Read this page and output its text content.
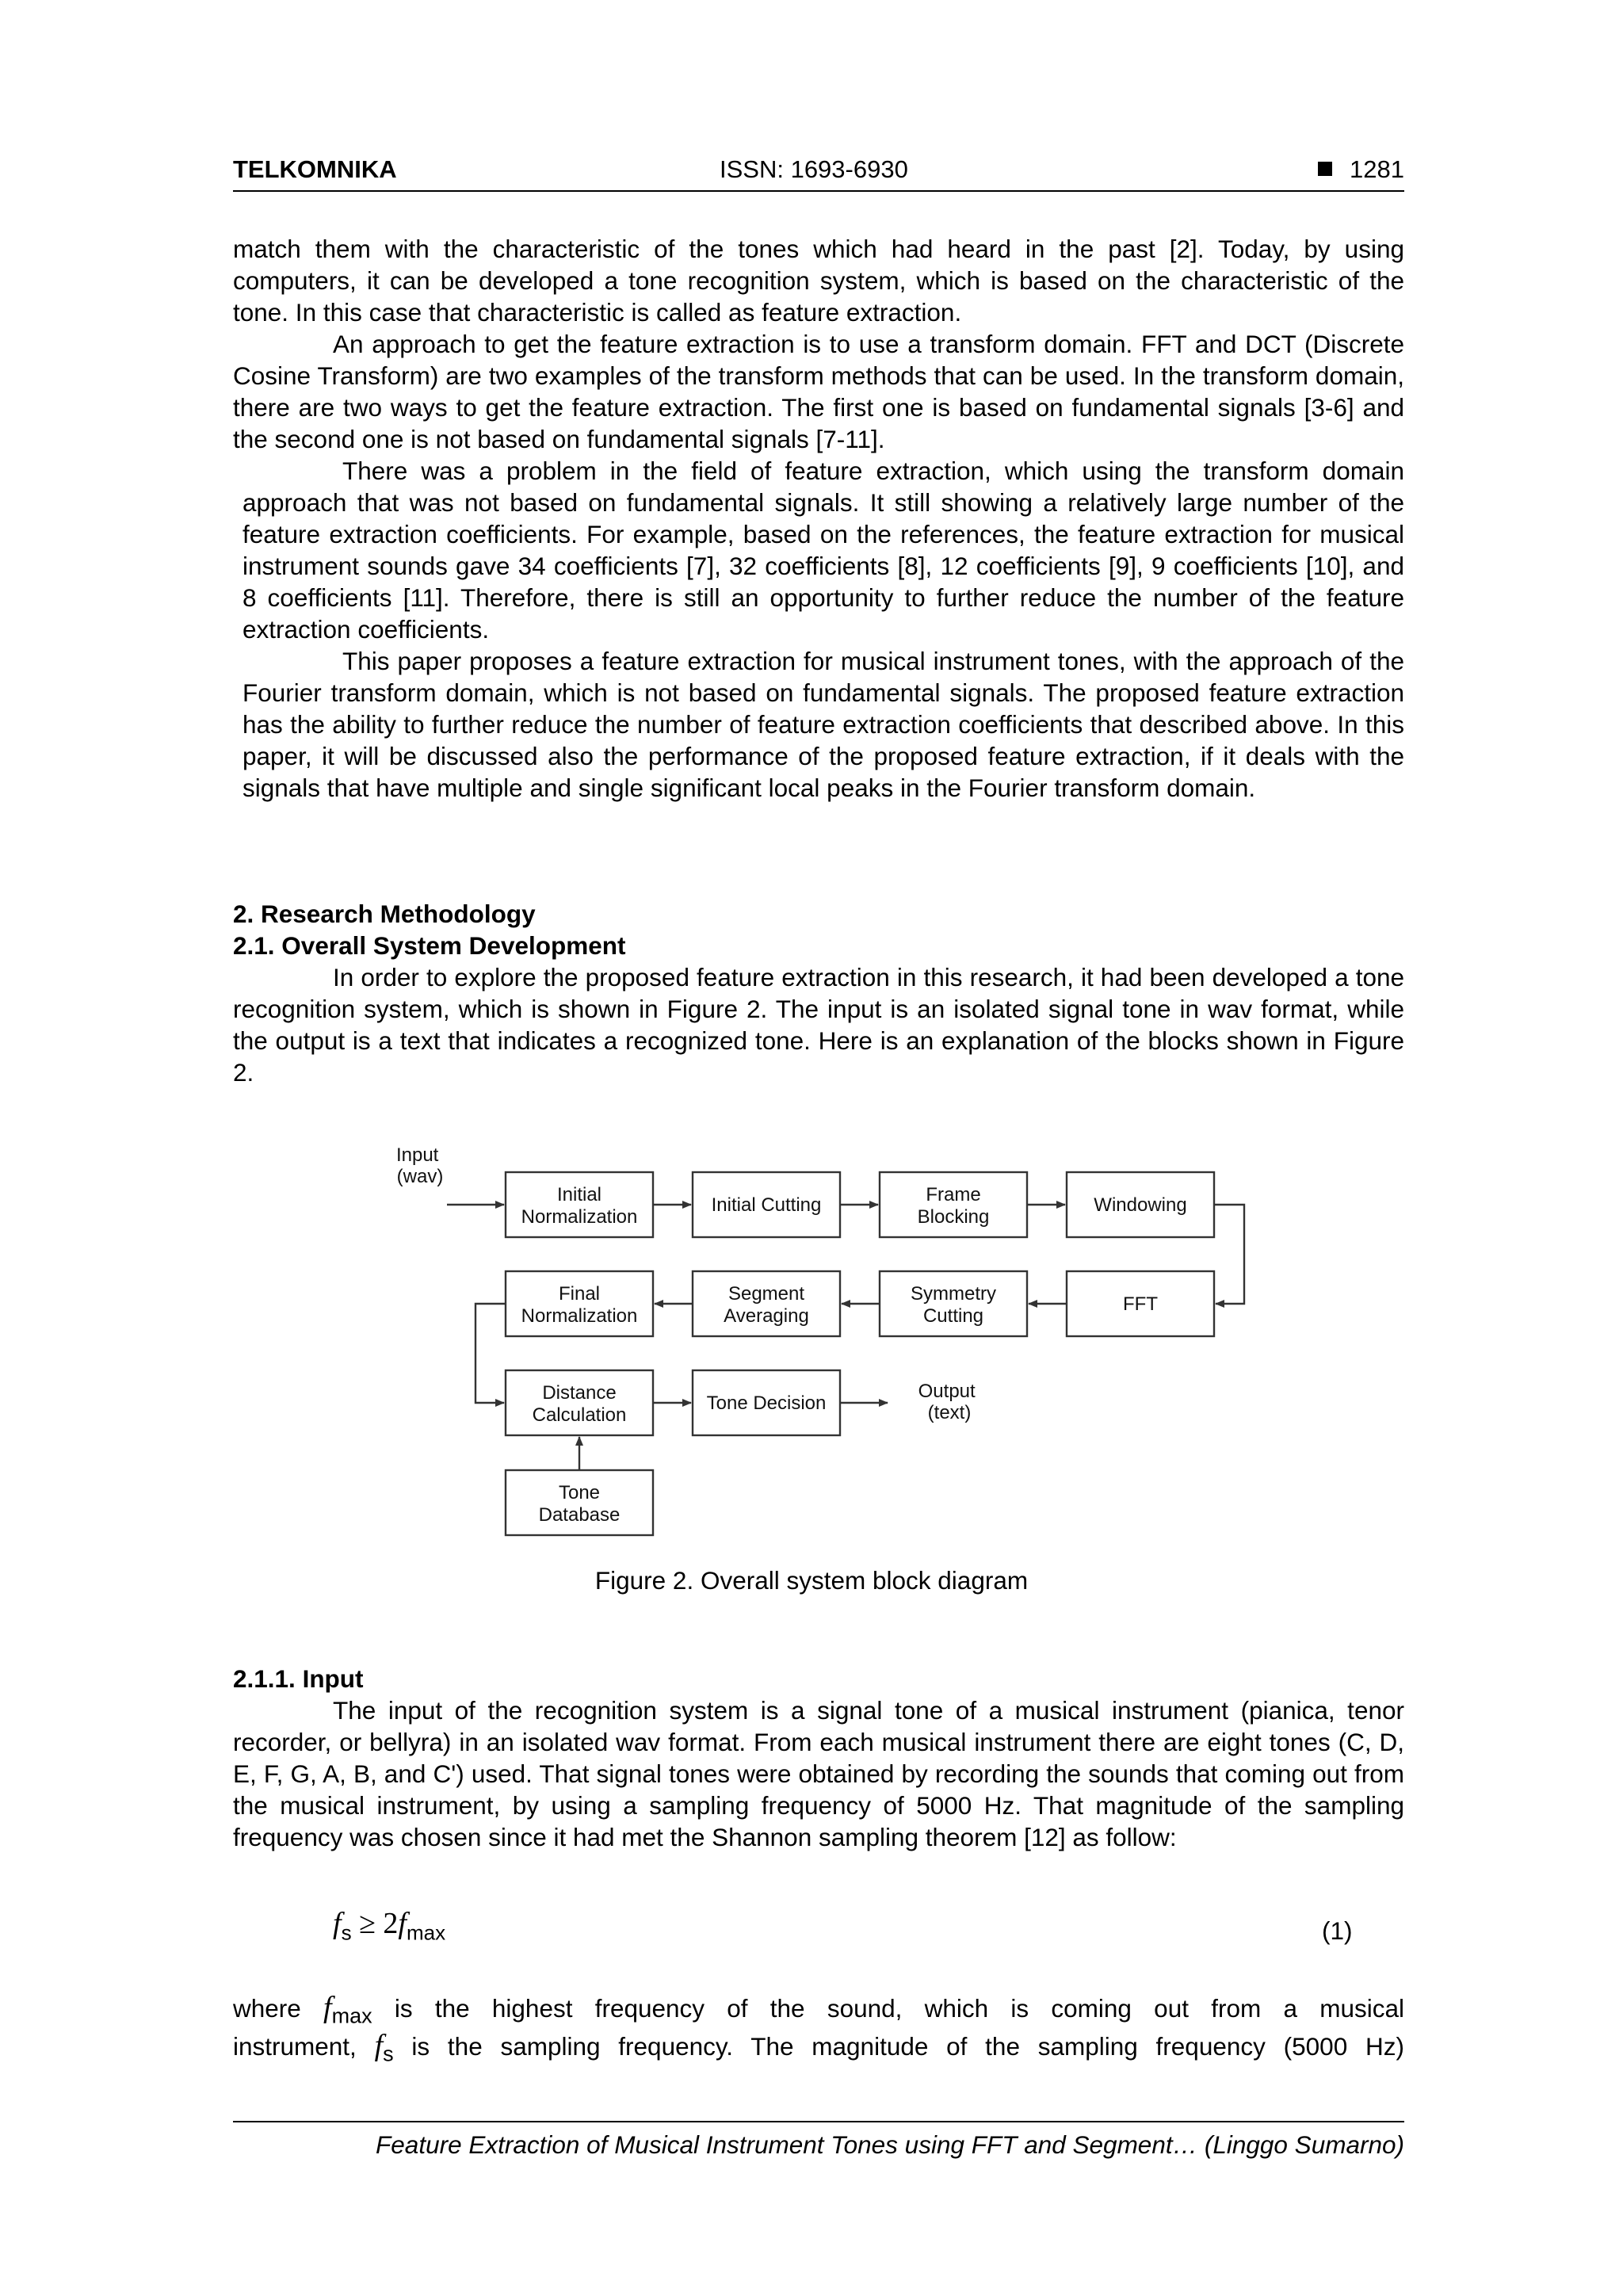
TELKOMNIKA	ISSN: 1693-6930	1281

match them with the characteristic of the tones which had heard in the past [2]. Today, by using computers, it can be developed a tone recognition system, which is based on the characteristic of the tone. In this case that characteristic is called as feature extraction.

An approach to get the feature extraction is to use a transform domain. FFT and DCT (Discrete Cosine Transform) are two examples of the transform methods that can be used. In the transform domain, there are two ways to get the feature extraction. The first one is based on fundamental signals [3-6] and the second one is not based on fundamental signals [7-11].

There was a problem in the field of feature extraction, which using the transform domain approach that was not based on fundamental signals. It still showing a relatively large number of the feature extraction coefficients. For example, based on the references, the feature extraction for musical instrument sounds gave 34 coefficients [7], 32 coefficients [8], 12 coefficients [9], 9 coefficients [10], and 8 coefficients [11]. Therefore, there is still an opportunity to further reduce the number of the feature extraction coefficients.

This paper proposes a feature extraction for musical instrument tones, with the approach of the Fourier transform domain, which is not based on fundamental signals. The proposed feature extraction has the ability to further reduce the number of feature extraction coefficients that described above. In this paper, it will be discussed also the performance of the proposed feature extraction, if it deals with the signals that have multiple and single significant local peaks in the Fourier transform domain.

2. Research Methodology

2.1. Overall System Development

In order to explore the proposed feature extraction in this research, it had been developed a tone recognition system, which is shown in Figure 2. The input is an isolated signal tone in wav format, while the output is a text that indicates a recognized tone. Here is an explanation of the blocks shown in Figure 2.

Input (wav)
Initial Normalization
Initial Cutting	Frame Blocking
Windowing
Final Normalization
Segment Averaging
Symmetry Cutting
FFT
Distance Calculation
Tone Decision
Output (text)
Tone Database

Figure 2. Overall system block diagram

2.1.1. Input

The input of the recognition system is a signal tone of a musical instrument (pianica, tenor recorder, or bellyra) in an isolated wav format. From each musical instrument there are eight tones (C, D, E, F, G, A, B, and C') used. That signal tones were obtained by recording the sounds that coming out from the musical instrument, by using a sampling frequency of 5000 Hz. That magnitude of the sampling frequency was chosen since it had met the Shannon sampling theorem [12] as follow:

$f_s \ge 2f_{max}$	(1)

where $f_{max}$ is the highest frequency of the sound, which is coming out from a musical

instrument, $f_s$ is the sampling frequency. The magnitude of the sampling frequency (5000 Hz)

Feature Extraction of Musical Instrument Tones using FFT and Segment… (Linggo Sumarno)
